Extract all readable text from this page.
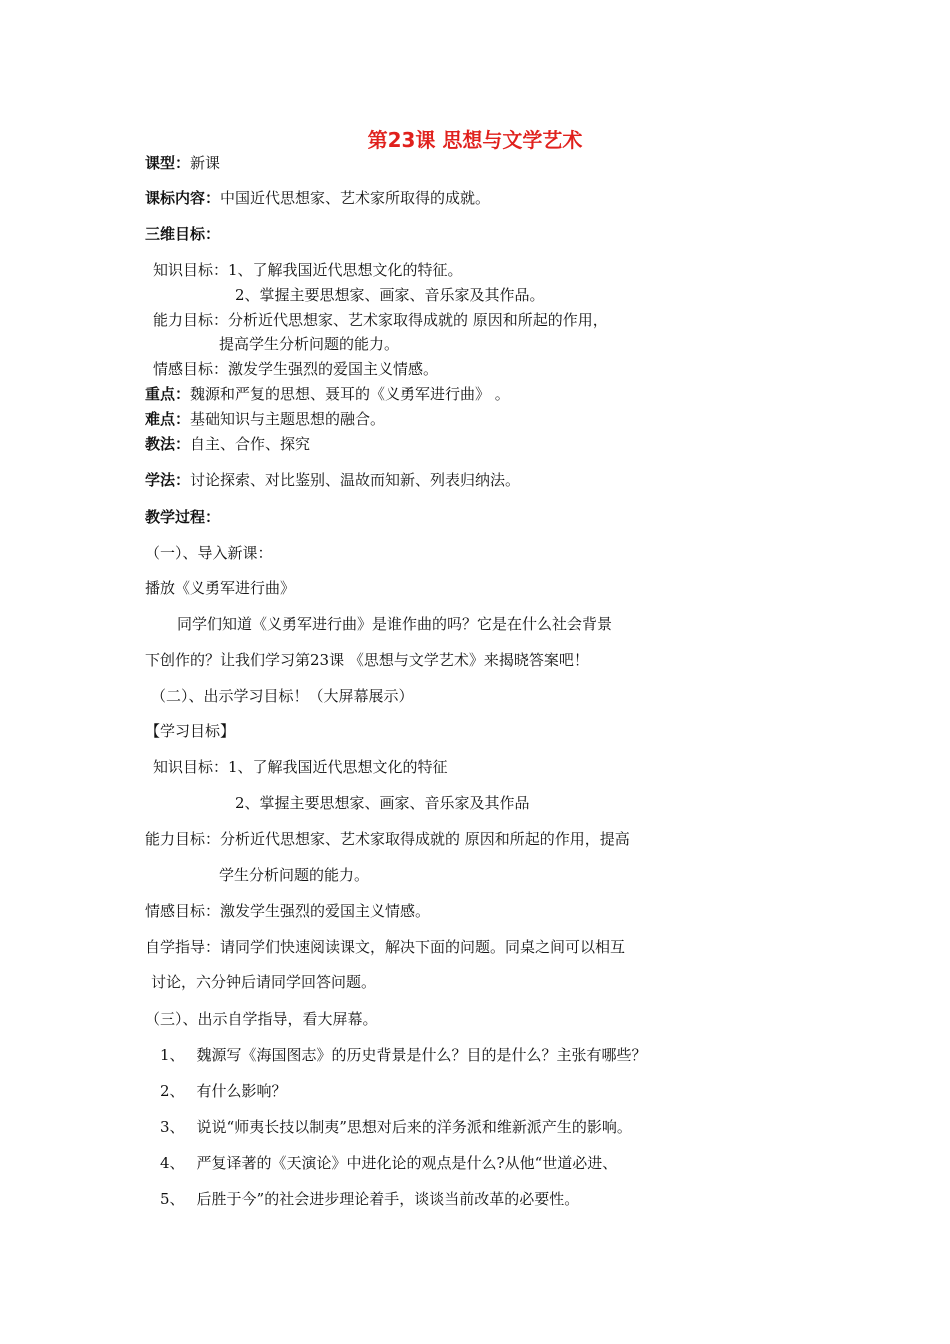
第23课 思想与文学艺术
课型：新课
课标内容：中国近代思想家、艺术家所取得的成就。
三维目标：
知识目标：1、了解我国近代思想文化的特征。
2、掌握主要思想家、画家、音乐家及其作品。
能力目标：分析近代思想家、艺术家取得成就的 原因和所起的作用，
提高学生分析问题的能力。
情感目标：激发学生强烈的爱国主义情感。
重点：魏源和严复的思想、聂耳的《义勇军进行曲》 。
难点：基础知识与主题思想的融合。
教法：自主、合作、探究
学法：讨论探索、对比鉴别、温故而知新、列表归纳法。
教学过程：
（一）、导入新课：
播放《义勇军进行曲》
同学们知道《义勇军进行曲》是谁作曲的吗？它是在什么社会背景
下创作的？让我们学习第23课 《思想与文学艺术》来揭晓答案吧！
（二）、出示学习目标！（大屏幕展示）
【学习目标】
知识目标：1、了解我国近代思想文化的特征
2、掌握主要思想家、画家、音乐家及其作品
能力目标：分析近代思想家、艺术家取得成就的 原因和所起的作用，提高
学生分析问题的能力。
情感目标：激发学生强烈的爱国主义情感。
自学指导：请同学们快速阅读课文，解决下面的问题。同桌之间可以相互
讨论，六分钟后请同学回答问题。
（三）、出示自学指导，看大屏幕。
1、 魏源写《海国图志》的历史背景是什么？目的是什么？主张有哪些？
2、 有什么影响？
3、 说说“师夷长技以制夷”思想对后来的洋务派和维新派产生的影响。
4、 严复译著的《天演论》中进化论的观点是什么?从他“世道必进、
5、 后胜于今”的社会进步理论着手，谈谈当前改革的必要性。
